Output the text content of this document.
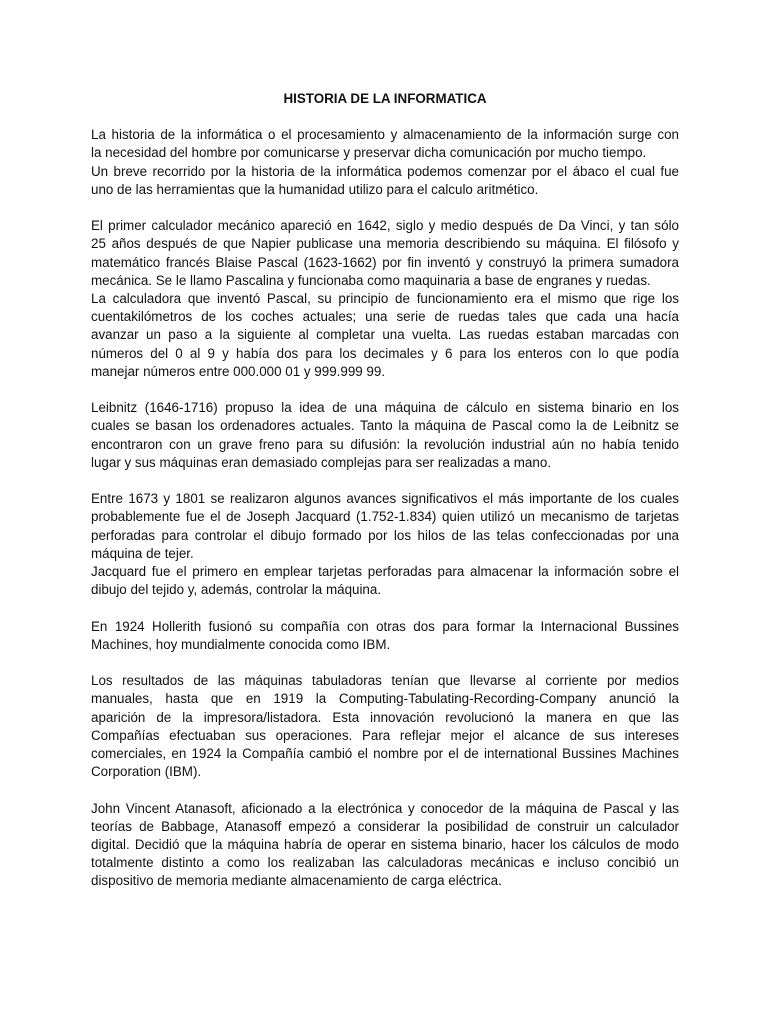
HISTORIA DE LA INFORMATICA
La historia de la informática o el procesamiento y almacenamiento de la información surge con
la necesidad del hombre por comunicarse y preservar dicha comunicación por mucho tiempo.
Un breve recorrido por la historia de la informática podemos comenzar por el ábaco el cual fue
uno de las herramientas que la humanidad utilizo para el calculo aritmético.
El primer calculador mecánico apareció en 1642, siglo y medio después de Da Vinci, y tan sólo
25 años después de que Napier publicase una memoria describiendo su máquina. El filósofo y
matemático francés Blaise Pascal (1623-1662) por fin inventó y construyó la primera sumadora
mecánica. Se le llamo Pascalina y funcionaba como maquinaria a base de engranes y ruedas.
La calculadora que inventó Pascal, su principio de funcionamiento era el mismo que rige los
cuentakilómetros de los coches actuales; una serie de ruedas tales que cada una hacía
avanzar un paso a la siguiente al completar una vuelta. Las ruedas estaban marcadas con
números del 0 al 9 y había dos para los decimales y 6 para los enteros con lo que podía
manejar números entre 000.000 01 y 999.999 99.
Leibnitz (1646-1716) propuso la idea de una máquina de cálculo en sistema binario en los
cuales se basan los ordenadores actuales. Tanto la máquina de Pascal como la de Leibnitz se
encontraron con un grave freno para su difusión: la revolución industrial aún no había tenido
lugar y sus máquinas eran demasiado complejas para ser realizadas a mano.
Entre 1673 y 1801 se realizaron algunos avances significativos el más importante de los cuales
probablemente fue el de Joseph Jacquard (1.752-1.834) quien utilizó un mecanismo de tarjetas
perforadas para controlar el dibujo formado por los hilos de las telas confeccionadas por una
máquina de tejer.
Jacquard fue el primero en emplear tarjetas perforadas para almacenar la información sobre el
dibujo del tejido y, además, controlar la máquina.
En 1924 Hollerith fusionó su compañía con otras dos para formar la Internacional Bussines
Machines, hoy mundialmente conocida como IBM.
Los resultados de las máquinas tabuladoras tenían que llevarse al corriente por medios
manuales, hasta que en 1919 la Computing-Tabulating-Recording-Company anunció la
aparición de la impresora/listadora. Esta innovación revolucionó la manera en que las
Compañías efectuaban sus operaciones. Para reflejar mejor el alcance de sus intereses
comerciales, en 1924 la Compañía cambió el nombre por el de international Bussines Machines
Corporation (IBM).
John Vincent Atanasoft, aficionado a la electrónica y conocedor de la máquina de Pascal y las
teorías de Babbage, Atanasoff empezó a considerar la posibilidad de construir un calculador
digital. Decidió que la máquina habría de operar en sistema binario, hacer los cálculos de modo
totalmente distinto a como los realizaban las calculadoras mecánicas e incluso concibió un
dispositivo de memoria mediante almacenamiento de carga eléctrica.
